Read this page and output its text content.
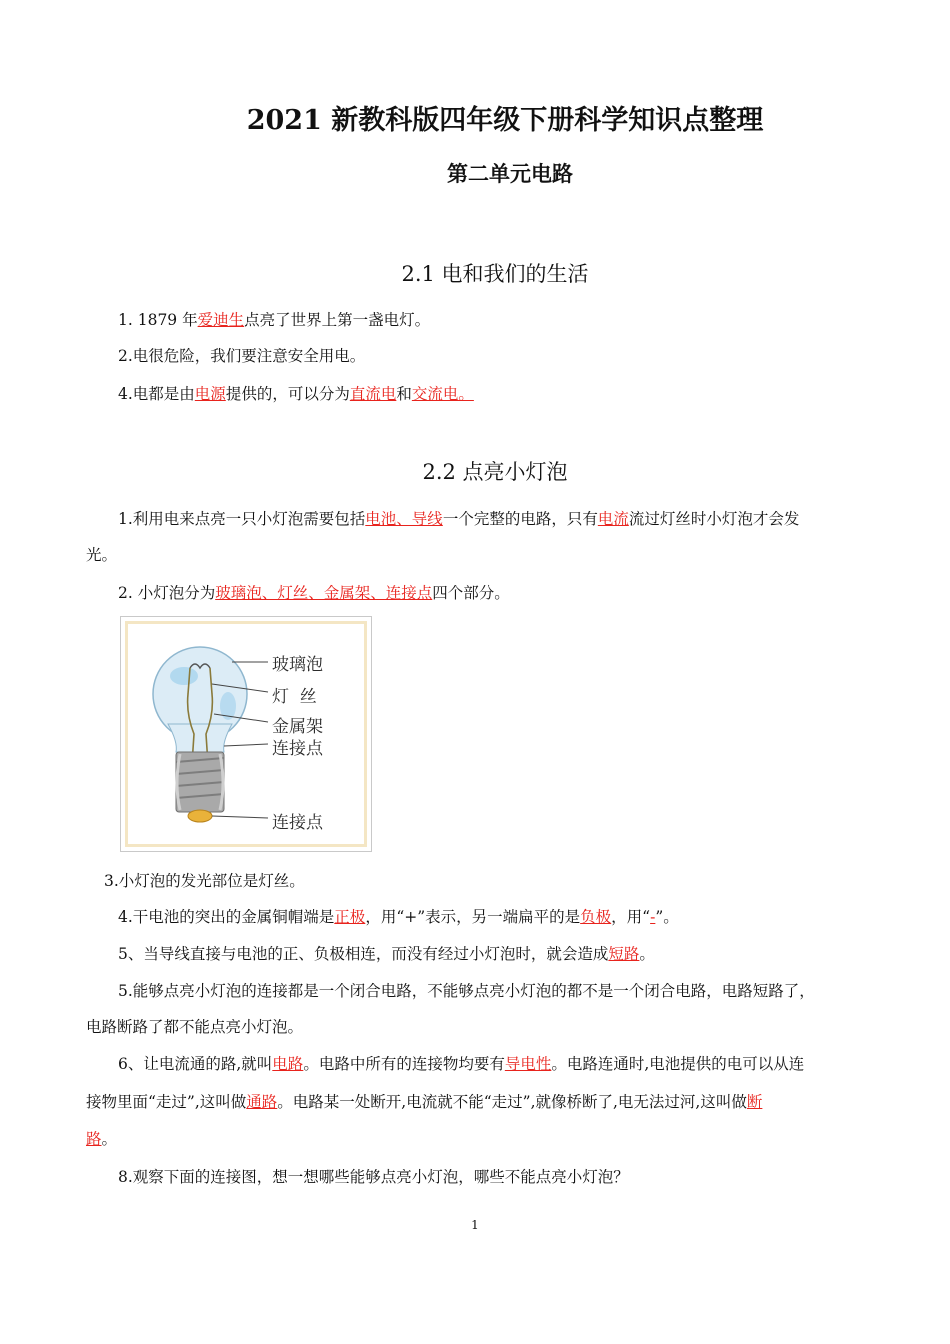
2021 新教科版四年级下册科学知识点整理
第二单元电路
2.1 电和我们的生活
1. 1879 年爱迪生点亮了世界上第一盏电灯。
2.电很危险，我们要注意安全用电。
4.电都是由电源提供的，可以分为直流电和交流电。
2.2 点亮小灯泡
1.利用电来点亮一只小灯泡需要包括电池、导线一个完整的电路，只有电流流过灯丝时小灯泡才会发
光。
2. 小灯泡分为玻璃泡、灯丝、金属架、连接点四个部分。
玻璃泡
灯  丝
金属架
连接点
连接点
3.小灯泡的发光部位是灯丝。
4.干电池的突出的金属铜帽端是正极，用“+”表示，另一端扁平的是负极，用“-”。
5、当导线直接与电池的正、负极相连，而没有经过小灯泡时，就会造成短路。
5.能够点亮小灯泡的连接都是一个闭合电路，不能够点亮小灯泡的都不是一个闭合电路，电路短路了，
电路断路了都不能点亮小灯泡。
6、让电流通的路,就叫电路。电路中所有的连接物均要有导电性。电路连通时,电池提供的电可以从连
接物里面“走过”,这叫做通路。电路某一处断开,电流就不能“走过”,就像桥断了,电无法过河,这叫做断
路。
8.观察下面的连接图，想一想哪些能够点亮小灯泡，哪些不能点亮小灯泡？
1
